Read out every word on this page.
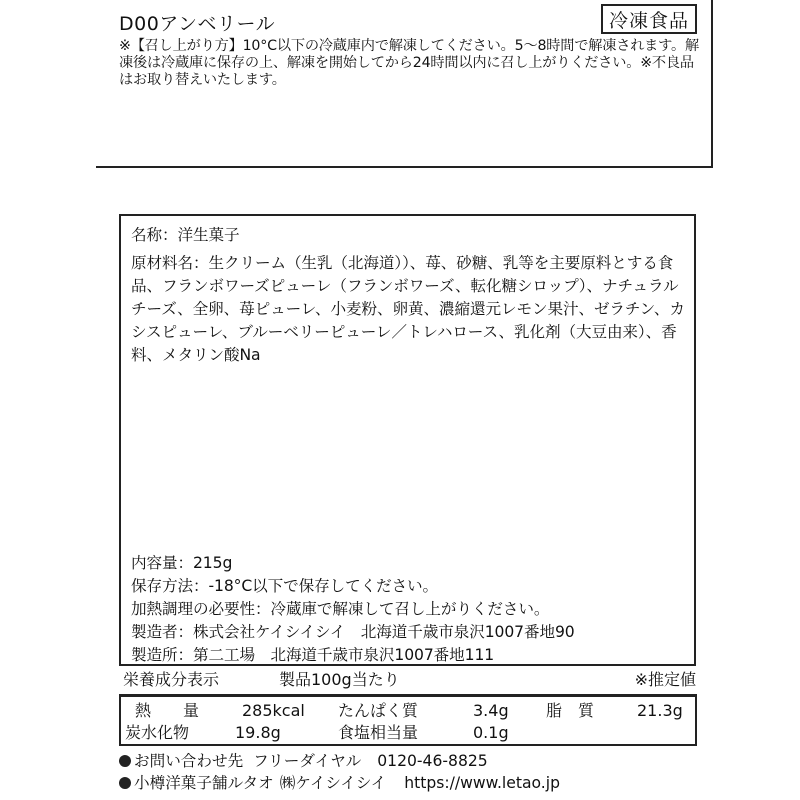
D00アンベリール	冷凍食品
※【召し上がり方】10°C以下の冷蔵庫内で解凍してください。5～8時間で解凍されます。解凍後は冷蔵庫に保存の上、解凍を開始してから24時間以内に召し上がりください。※不良品はお取り替えいたします。
名称：洋生菓子
原材料名：生クリーム（生乳（北海道））、苺、砂糖、乳等を主要原料とする食品、フランボワーズピューレ（フランボワーズ、転化糖シロップ）、ナチュラルチーズ、全卵、苺ピューレ、小麦粉、卵黄、濃縮還元レモン果汁、ゼラチン、カシスピューレ、ブルーベリーピューレ／トレハロース、乳化剤（大豆由来）、香料、メタリン酸Na
内容量：215g
保存方法：-18°C以下で保存してください。
加熱調理の必要性：冷蔵庫で解凍して召し上がりください。
製造者：株式会社ケイシイシイ　北海道千歳市泉沢1007番地90
製造所：第二工場　北海道千歳市泉沢1007番地111
栄養成分表示	製品100g当たり	※推定値
熱　　量	285kcal たんぱく質	3.4g 脂　質	21.3g
炭水化物	19.8g	食塩相当量	0.1g
お問い合わせ先 フリーダイヤル 0120-46-8825
小樽洋菓子舗ルタオ ㈱ケイシイシイ https://www.letao.jp
